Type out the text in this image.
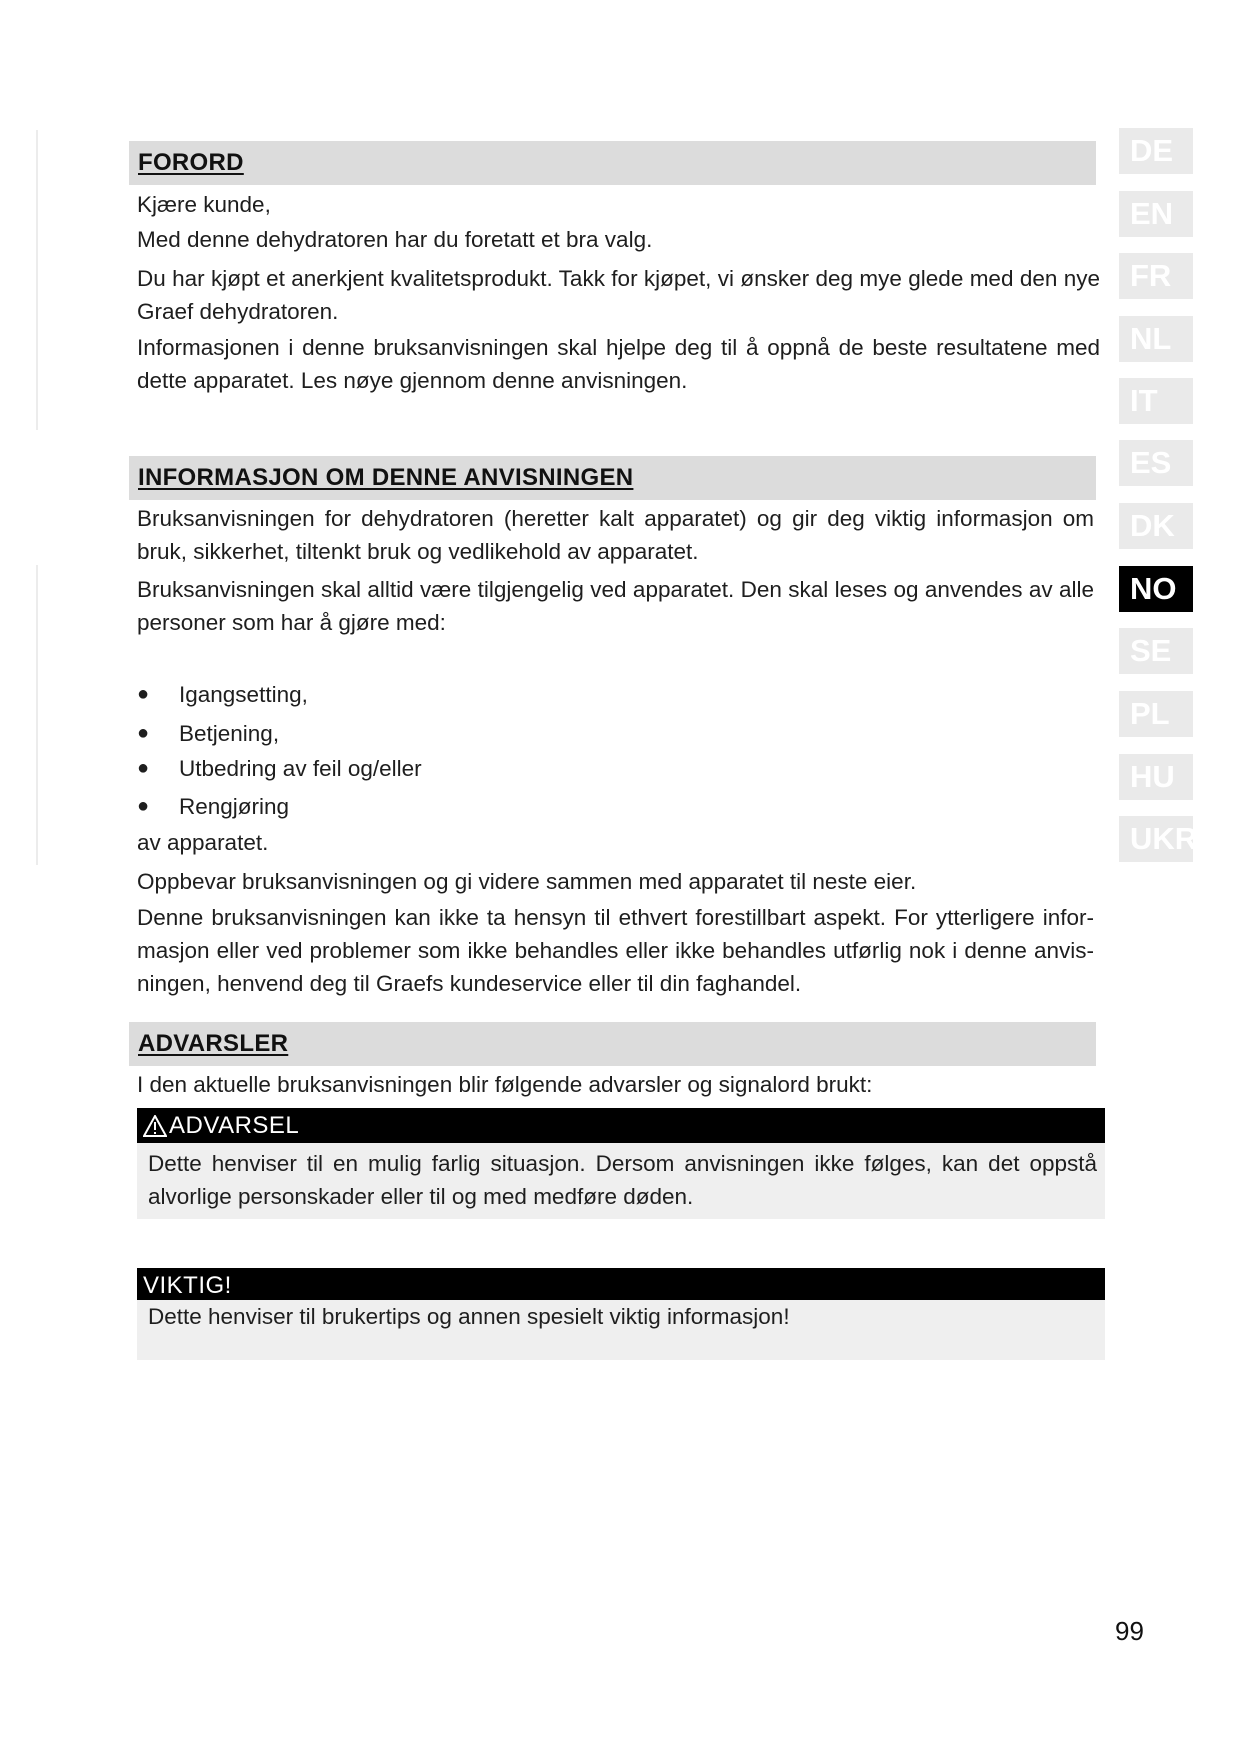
FORORD
Kjære kunde,
Med denne dehydratoren har du foretatt et bra valg.
Du har kjøpt et anerkjent kvalitetsprodukt. Takk for kjøpet, vi ønsker deg mye glede med den nye Graef dehydratoren.
Informasjonen i denne bruksanvisningen skal hjelpe deg til å oppnå de beste resultatene med dette apparatet. Les nøye gjennom denne anvisningen.
INFORMASJON OM DENNE ANVISNINGEN
Bruksanvisningen for dehydratoren (heretter kalt apparatet) og gir deg viktig informasjon om bruk, sikkerhet, tiltenkt bruk og vedlikehold av apparatet.
Bruksanvisningen skal alltid være tilgjengelig ved apparatet. Den skal leses og anvendes av alle personer som har å gjøre med:
● Igangsetting,
● Betjening,
● Utbedring av feil og/eller
● Rengjøring
av apparatet.
Oppbevar bruksanvisningen og gi videre sammen med apparatet til neste eier.
Denne bruksanvisningen kan ikke ta hensyn til ethvert forestillbart aspekt. For ytterligere infor-masjon eller ved problemer som ikke behandles eller ikke behandles utførlig nok i denne anvis-ningen, henvend deg til Graefs kundeservice eller til din faghandel.
ADVARSLER
I den aktuelle bruksanvisningen blir følgende advarsler og signalord brukt:
ADVARSEL
Dette henviser til en mulig farlig situasjon. Dersom anvisningen ikke følges, kan det oppstå alvorlige personskader eller til og med medføre døden.
VIKTIG!
Dette henviser til brukertips og annen spesielt viktig informasjon!
DE
EN
FR
NL
IT
ES
DK
NO
SE
PL
HU
UKR
99
